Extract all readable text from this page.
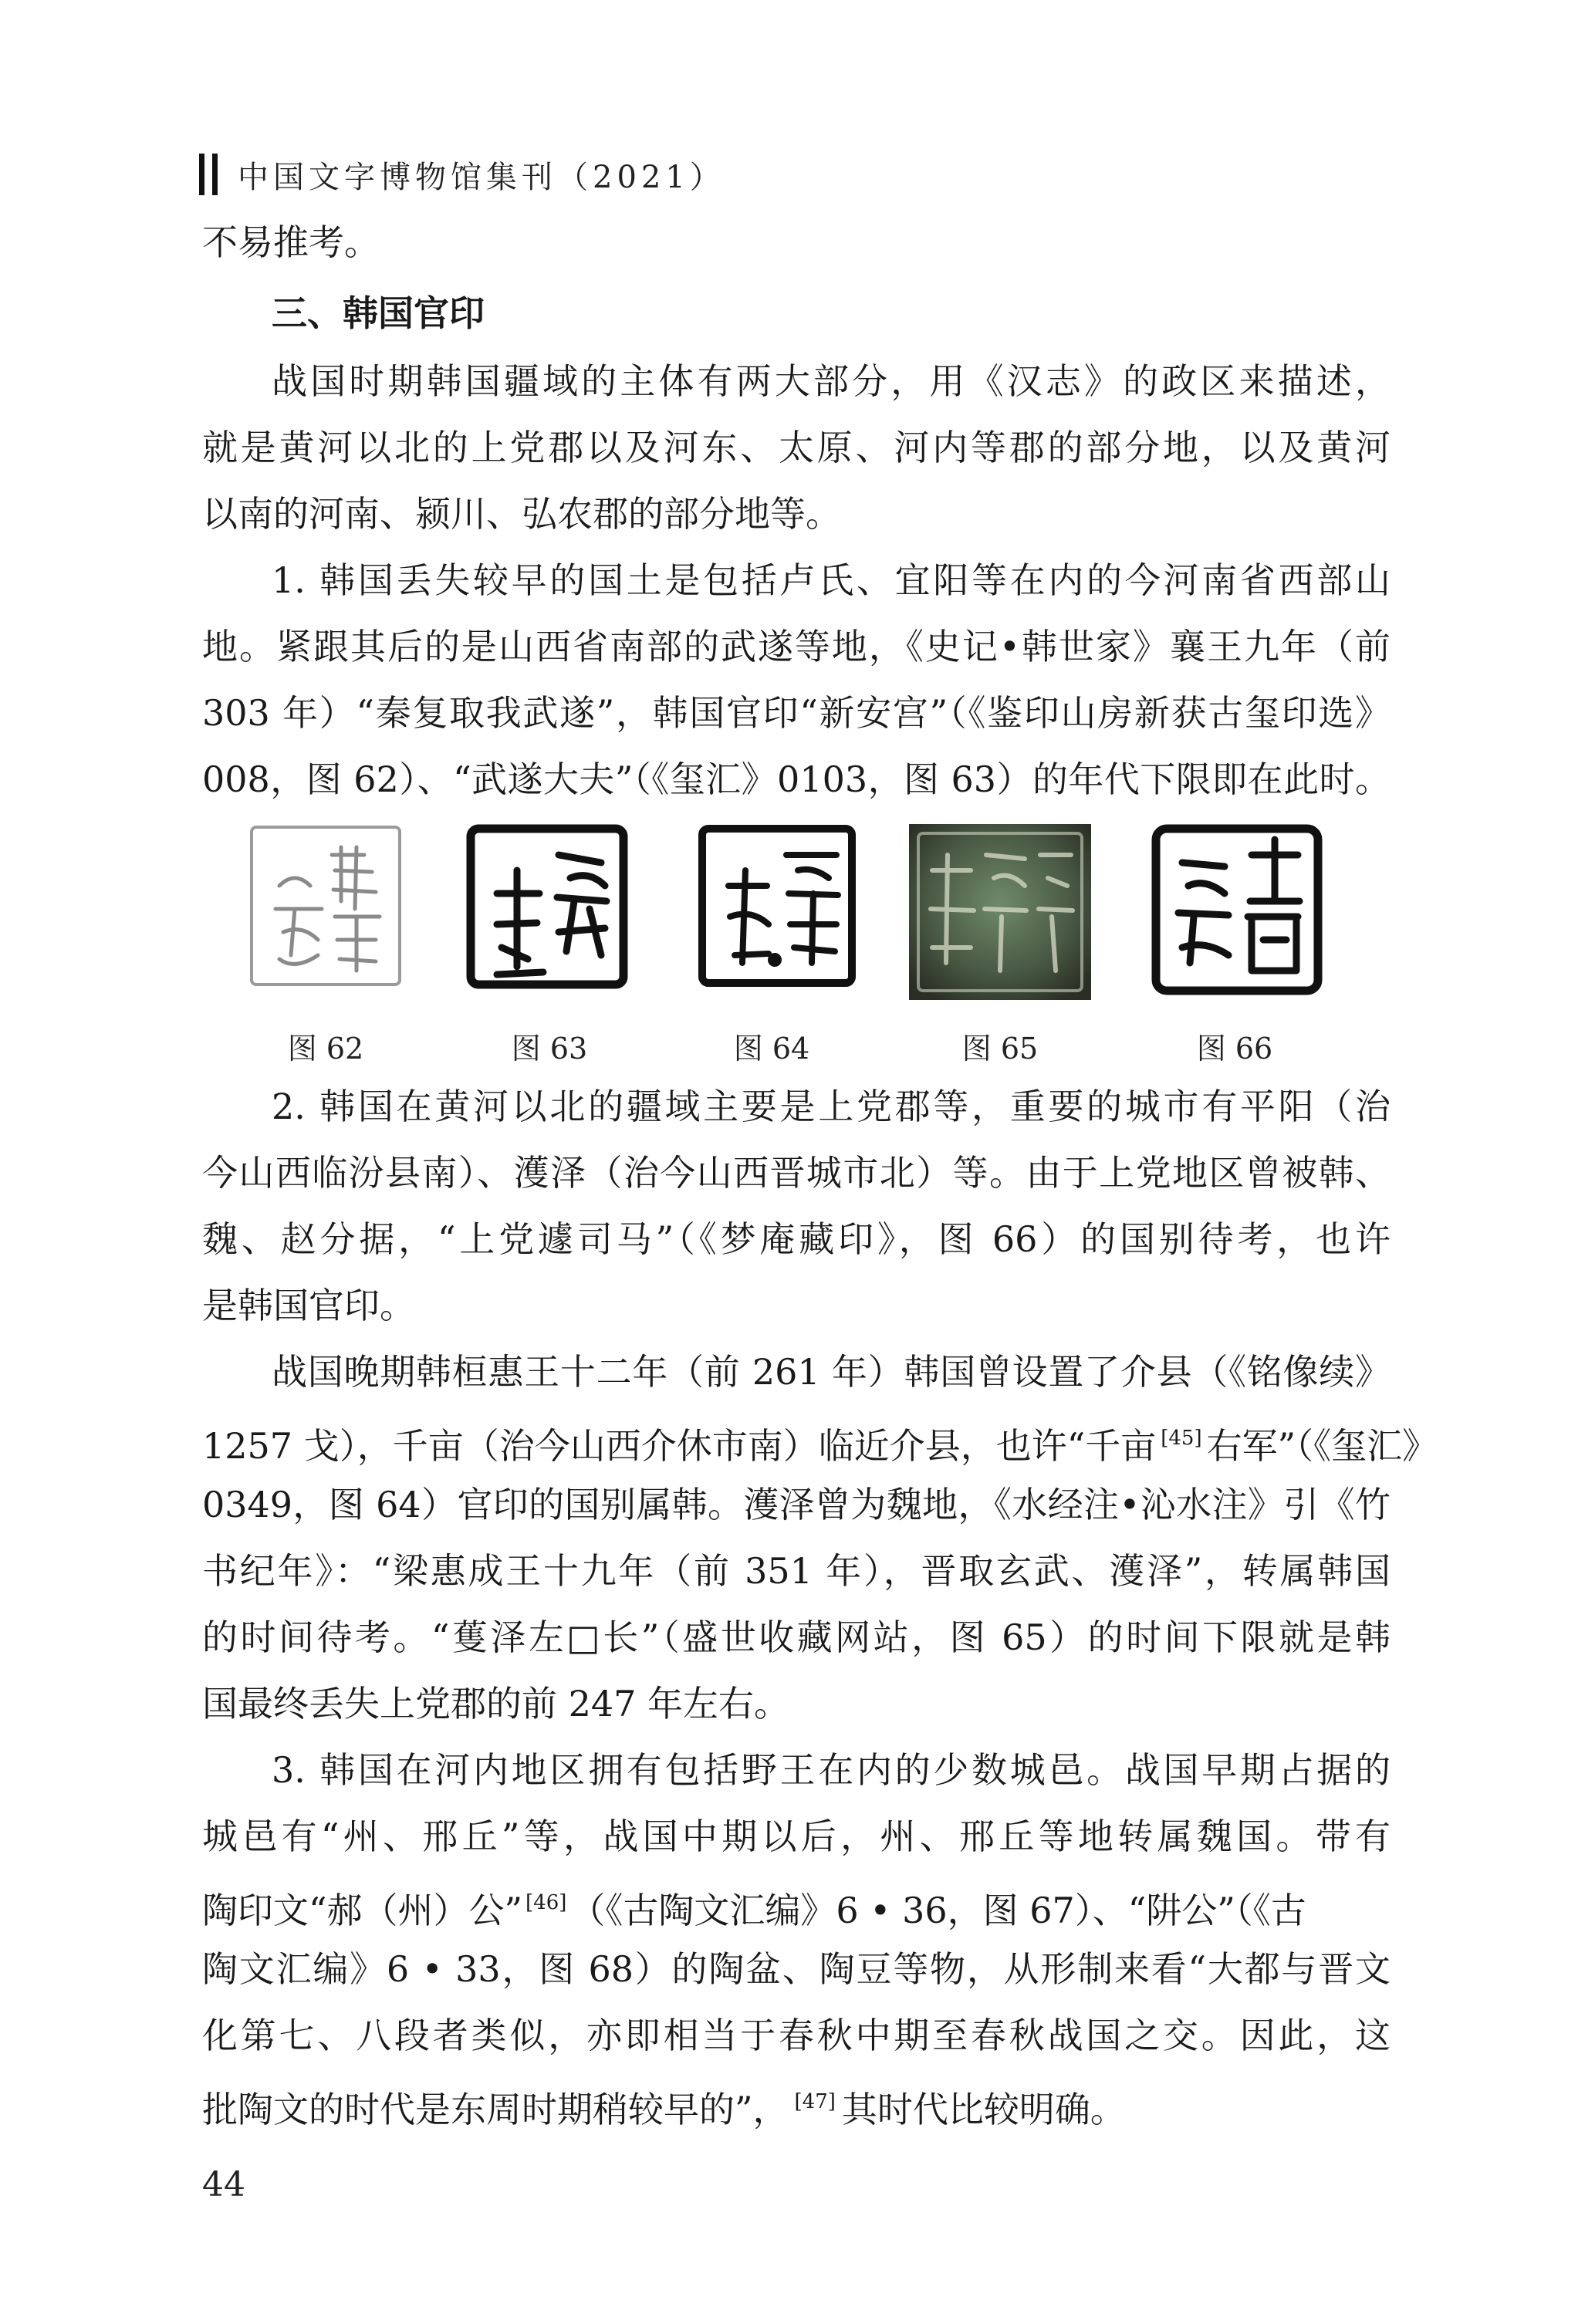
中国文字博物馆集刊（2021）
不易推考。
三、韩国官印
战国时期韩国疆域的主体有两大部分，用《汉志》的政区来描述，
就是黄河以北的上党郡以及河东、太原、河内等郡的部分地，以及黄河
以南的河南、颍川、弘农郡的部分地等。
1. 韩国丢失较早的国土是包括卢氏、宜阳等在内的今河南省西部山
地。紧跟其后的是山西省南部的武遂等地，《史记•韩世家》襄王九年（前
303 年）“秦复取我武遂”，韩国官印“新安宫”（《鉴印山房新获古玺印选》
008，图 62）、“武遂大夫”（《玺汇》0103，图 63）的年代下限即在此时。
图 62	图 63	图 64	图 65	图 66
2. 韩国在黄河以北的疆域主要是上党郡等，重要的城市有平阳（治
今山西临汾县南）、濩泽（治今山西晋城市北）等。由于上党地区曾被韩、
魏、赵分据，“上党遽司马”（《梦庵藏印》，图 66）的国别待考，也许
是韩国官印。
战国晚期韩桓惠王十二年（前 261 年）韩国曾设置了介县（《铭像续》
1257 戈），千亩（治今山西介休市南）临近介县，也许“千亩 [45] 右军”（《玺汇》
0349，图 64）官印的国别属韩。濩泽曾为魏地，《水经注•沁水注》引《竹
书纪年》：“梁惠成王十九年（前 351 年），晋取玄武、濩泽”，转属韩国
的时间待考。“蒦泽左□长”（盛世收藏网站，图 65）的时间下限就是韩
国最终丢失上党郡的前 247 年左右。
3. 韩国在河内地区拥有包括野王在内的少数城邑。战国早期占据的
城邑有“州、邢丘”等，战国中期以后，州、邢丘等地转属魏国。带有
陶印文“郝（州）公” [46]（《古陶文汇编》6 • 36，图 67）、“阱公”（《古
陶文汇编》6 • 33，图 68）的陶盆、陶豆等物，从形制来看“大都与晋文
化第七、八段者类似，亦即相当于春秋中期至春秋战国之交。因此，这
批陶文的时代是东周时期稍较早的”， [47] 其时代比较明确。
44
